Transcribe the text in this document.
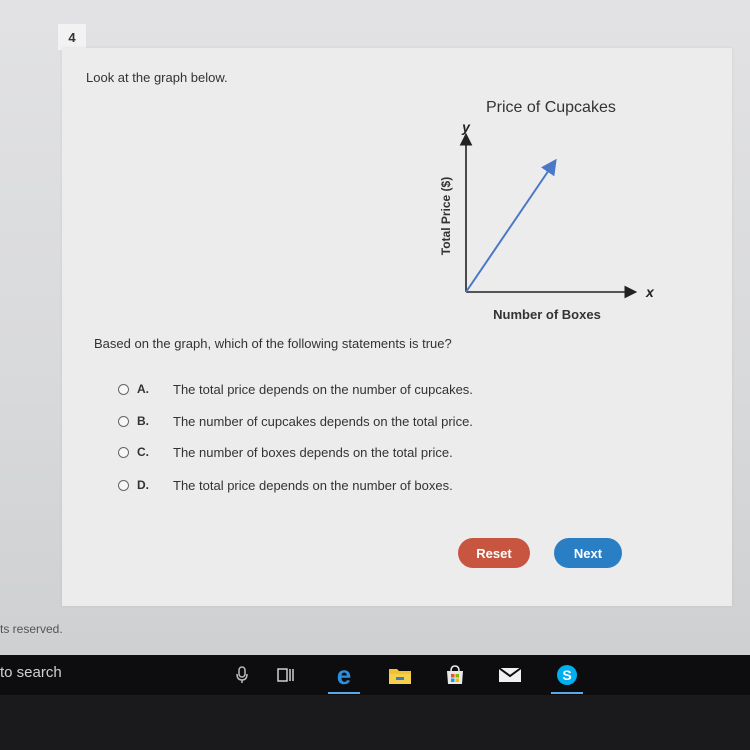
4
Look at the graph below.
Price of Cupcakes
y
x
Number of Boxes
Total Price ($)
Based on the graph, which of the following statements is true?
A.	The total price depends on the number of cupcakes.
B.	The number of cupcakes depends on the total price.
C.	The number of boxes depends on the total price.
D.	The total price depends on the number of boxes.
Reset	Next
ts reserved.
to search	e	S
